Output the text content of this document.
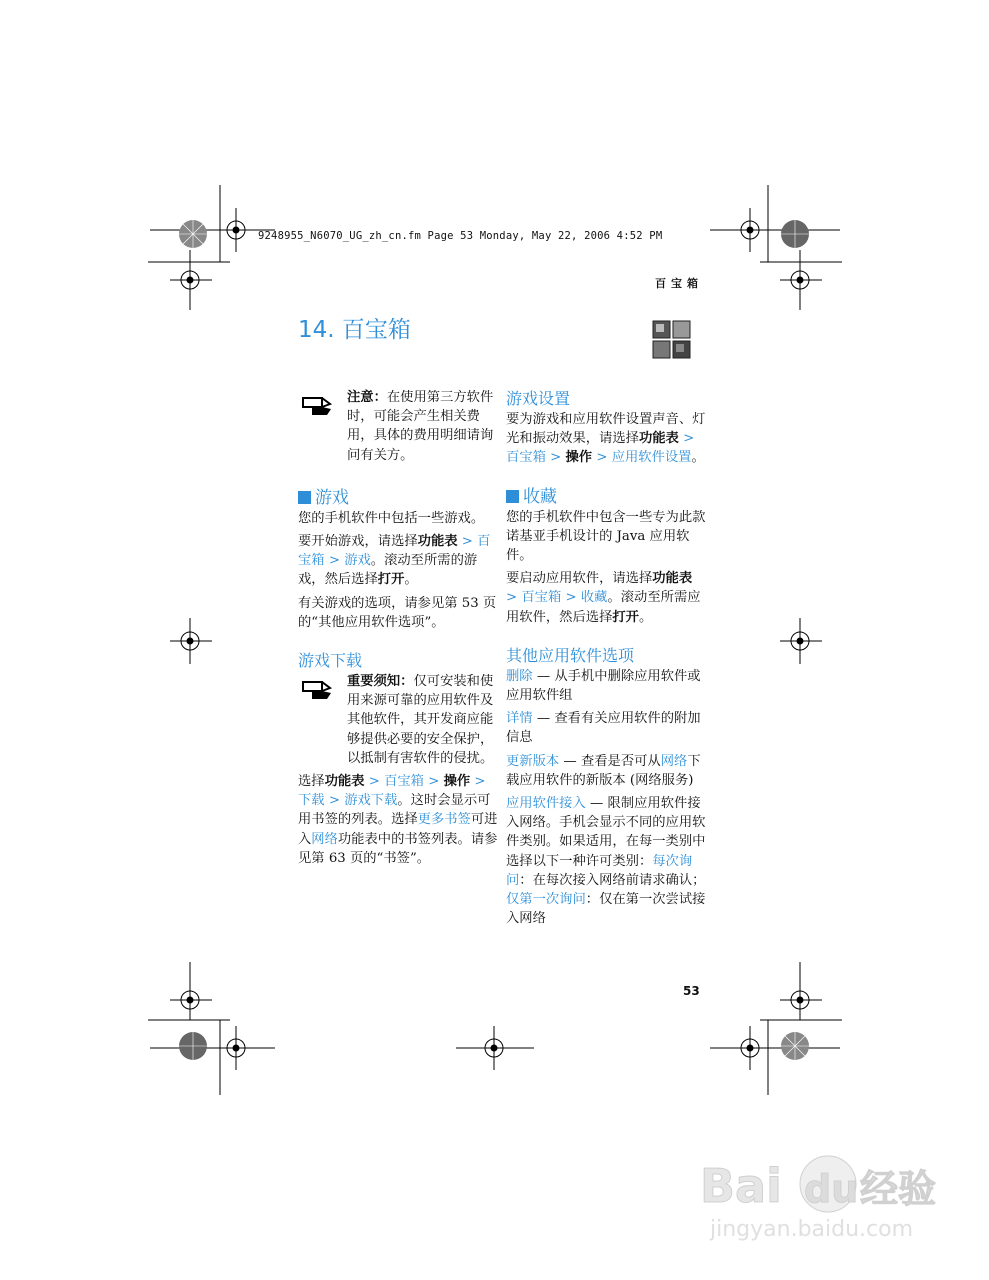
9248955_N6070_UG_zh_cn.fm Page 53 Monday, May 22, 2006 4:52 PM
百宝箱
14. 百宝箱

注意：在使用第三方软件时，可能会产生相关费用，具体的费用明细请询问有关方。

游戏

您的手机软件中包括一些游戏。

要开始游戏，请选择功能表 > 百宝箱 > 游戏。滚动至所需的游戏，然后选择打开。

有关游戏的选项，请参见第 53 页的“其他应用软件选项”。

游戏下载

重要须知：仅可安装和使用来源可靠的应用软件及其他软件，其开发商应能够提供必要的安全保护，以抵制有害软件的侵扰。

选择功能表 > 百宝箱 > 操作 > 下载 > 游戏下载。这时会显示可用书签的列表。选择更多书签可进入网络功能表中的书签列表。请参见第 63 页的“书签”。

游戏设置

要为游戏和应用软件设置声音、灯光和振动效果，请选择功能表 > 百宝箱 > 操作 > 应用软件设置。

收藏

您的手机软件中包含一些专为此款诺基亚手机设计的 Java 应用软件。

要启动应用软件，请选择功能表 > 百宝箱 > 收藏。滚动至所需应用软件，然后选择打开。

其他应用软件选项

删除 — 从手机中删除应用软件或应用软件组

详情 — 查看有关应用软件的附加信息

更新版本 — 查看是否可从网络下载应用软件的新版本 (网络服务)

应用软件接入 — 限制应用软件接入网络。手机会显示不同的应用软件类别。如果适用，在每一类别中选择以下一种许可类别：每次询问：在每次接入网络前请求确认；仅第一次询问：仅在第一次尝试接入网络

53
Bai du 经验
jingyan.baidu.com
